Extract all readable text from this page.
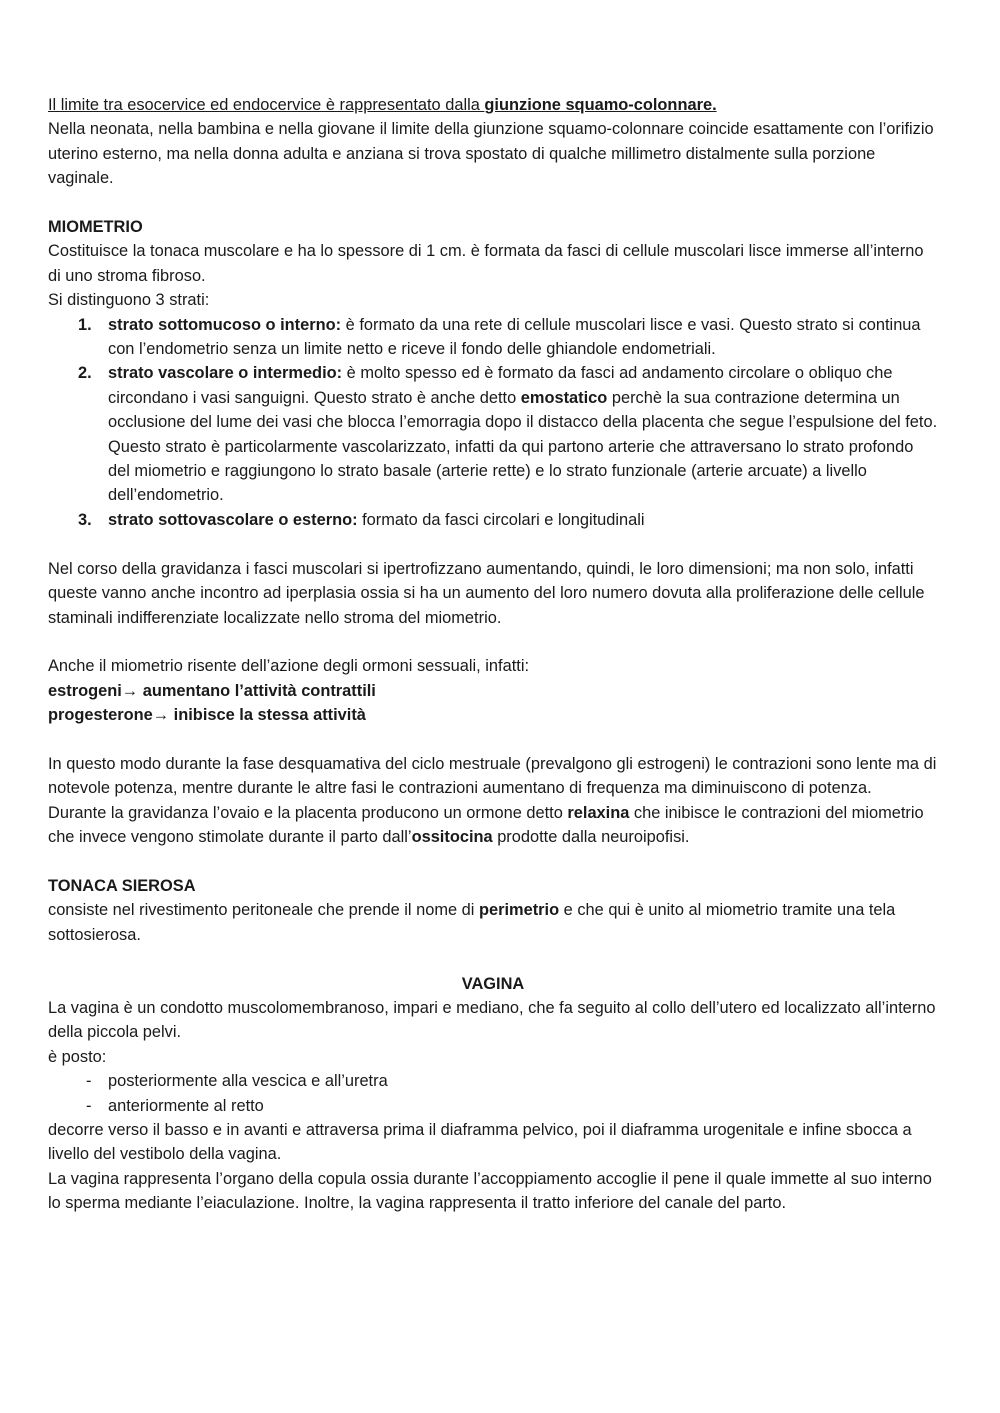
Il limite tra esocervice ed endocervice è rappresentato dalla giunzione squamo-colonnare.

Nella neonata, nella bambina e nella giovane il limite della giunzione squamo-colonnare coincide esattamente con l’orifizio uterino esterno, ma nella donna adulta e anziana si trova spostato di qualche millimetro distalmente sulla porzione vaginale.

MIOMETRIO

Costituisce la tonaca muscolare e ha lo spessore di 1 cm. è formata da fasci di cellule muscolari lisce immerse all’interno di uno stroma fibroso.

Si distinguono 3 strati:

1. strato sottomucoso o interno: è formato da una rete di cellule muscolari lisce e vasi. Questo strato si continua con l’endometrio senza un limite netto e riceve il fondo delle ghiandole endometriali.
2. strato vascolare o intermedio: è molto spesso ed è formato da fasci ad andamento circolare o obliquo che circondano i vasi sanguigni. Questo strato è anche detto emostatico perchè la sua contrazione determina un occlusione del lume dei vasi che blocca l’emorragia dopo il distacco della placenta che segue l’espulsione del feto. Questo strato è particolarmente vascolarizzato, infatti da qui partono arterie che attraversano lo strato profondo del miometrio e raggiungono lo strato basale (arterie rette) e lo strato funzionale (arterie arcuate) a livello dell’endometrio.
3. strato sottovascolare o esterno: formato da fasci circolari e longitudinali

Nel corso della gravidanza i fasci muscolari si ipertrofizzano aumentando, quindi, le loro dimensioni; ma non solo, infatti queste vanno anche incontro ad iperplasia ossia si ha un aumento del loro numero dovuta alla proliferazione delle cellule staminali indifferenziate localizzate nello stroma del miometrio.

Anche il miometrio risente dell’azione degli ormoni sessuali, infatti:

estrogeni→ aumentano l’attività contrattili

progesterone→ inibisce la stessa attività

In questo modo durante la fase desquamativa del ciclo mestruale (prevalgono gli estrogeni) le contrazioni sono lente ma di notevole potenza, mentre durante le altre fasi le contrazioni aumentano di frequenza ma diminuiscono di potenza.

Durante la gravidanza l’ovaio e la placenta producono un ormone detto relaxina che inibisce le contrazioni del miometrio che invece vengono stimolate durante il parto dall’ossitocina prodotte dalla neuroipofisi.

TONACA SIEROSA

consiste nel rivestimento peritoneale che prende il nome di perimetrio e che qui è unito al miometrio tramite una tela sottosierosa.

VAGINA

La vagina è un condotto muscolomembranoso, impari e mediano, che fa seguito al collo dell’utero ed localizzato all’interno della piccola pelvi.

è posto:

- posteriormente alla vescica e all’uretra
- anteriormente al retto

decorre verso il basso e in avanti e attraversa prima il diaframma pelvico, poi il diaframma urogenitale e infine sbocca a livello del vestibolo della vagina.

La vagina rappresenta l’organo della copula ossia durante l’accoppiamento accoglie il pene il quale immette al suo interno lo sperma mediante l’eiaculazione. Inoltre, la vagina rappresenta il tratto inferiore del canale del parto.
